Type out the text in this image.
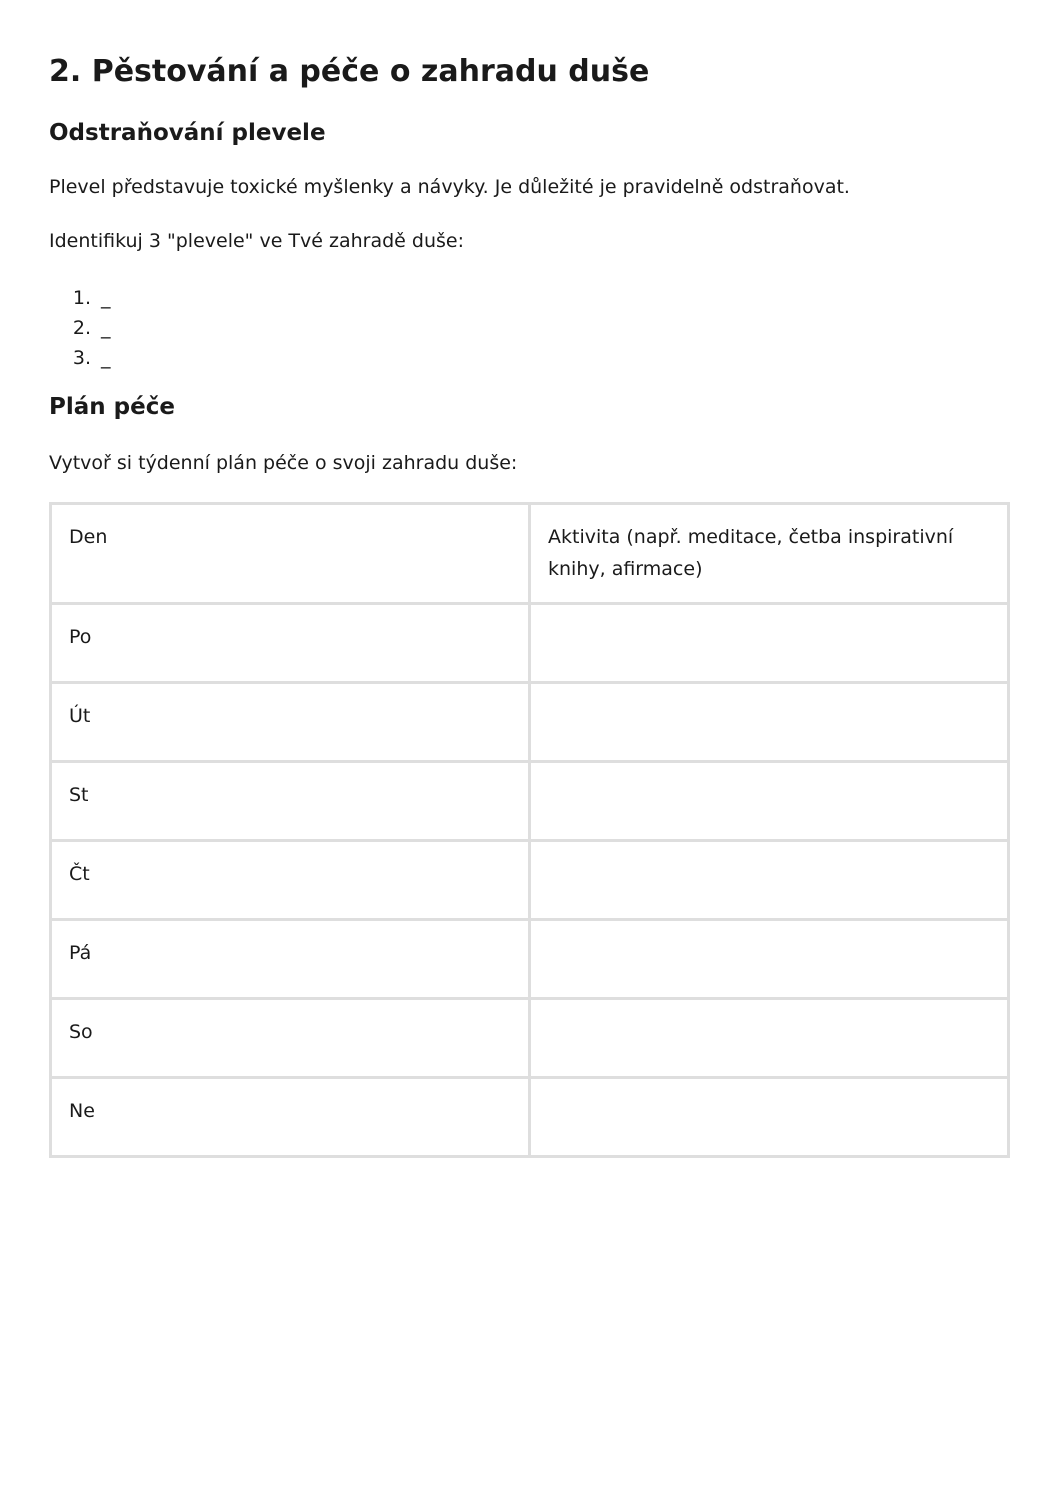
2. Pěstování a péče o zahradu duše
Odstraňování plevele

Plevel představuje toxické myšlenky a návyky. Je důležité je pravidelně odstraňovat.

Identifikuj 3 "plevele" ve Tvé zahradě duše:

1. _
2. _
3. _
Plán péče

Vytvoř si týdenní plán péče o svoji zahradu duše:

Den	Aktivita (např. meditace, četba inspirativní knihy, afirmace)
Po	
Út	
St	
Čt	
Pá	
So	
Ne	
